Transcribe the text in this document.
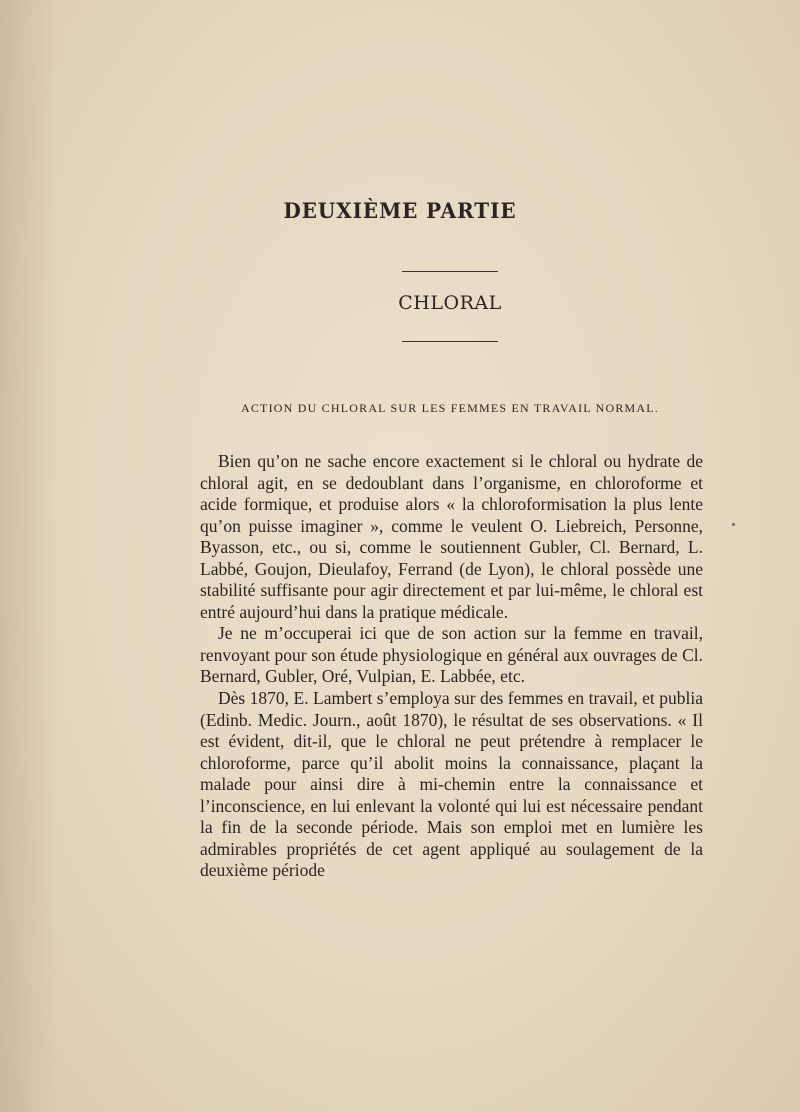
DEUXIÈME PARTIE
CHLORAL
ACTION DU CHLORAL SUR LES FEMMES EN TRAVAIL NORMAL.

Bien qu’on ne sache encore exactement si le chloral ou hydrate de chloral agit, en se dedoublant dans l’organisme, en chloroforme et acide formique, et produise alors « la chloroformisation la plus lente qu’on puisse imaginer », comme le veulent O. Liebreich, Personne, Byasson, etc., ou si, comme le soutiennent Gubler, Cl. Bernard, L. Labbé, Goujon, Dieulafoy, Ferrand (de Lyon), le chloral possède une stabilité suffisante pour agir directement et par lui-même, le chloral est entré aujourd’hui dans la pratique médicale.

Je ne m’occuperai ici que de son action sur la femme en travail, renvoyant pour son étude physiologique en général aux ouvrages de Cl. Bernard, Gubler, Oré, Vulpian, E. Labbée, etc.

Dès 1870, E. Lambert s’employa sur des femmes en travail, et publia (Edinb. Medic. Journ., août 1870), le résultat de ses observations. « Il est évident, dit-il, que le chloral ne peut prétendre à remplacer le chloroforme, parce qu’il abolit moins la connaissance, plaçant la malade pour ainsi dire à mi-chemin entre la connaissance et l’inconscience, en lui enlevant la volonté qui lui est nécessaire pendant la fin de la seconde période. Mais son emploi met en lumière les admirables propriétés de cet agent appliqué au soulagement de la deuxième période
